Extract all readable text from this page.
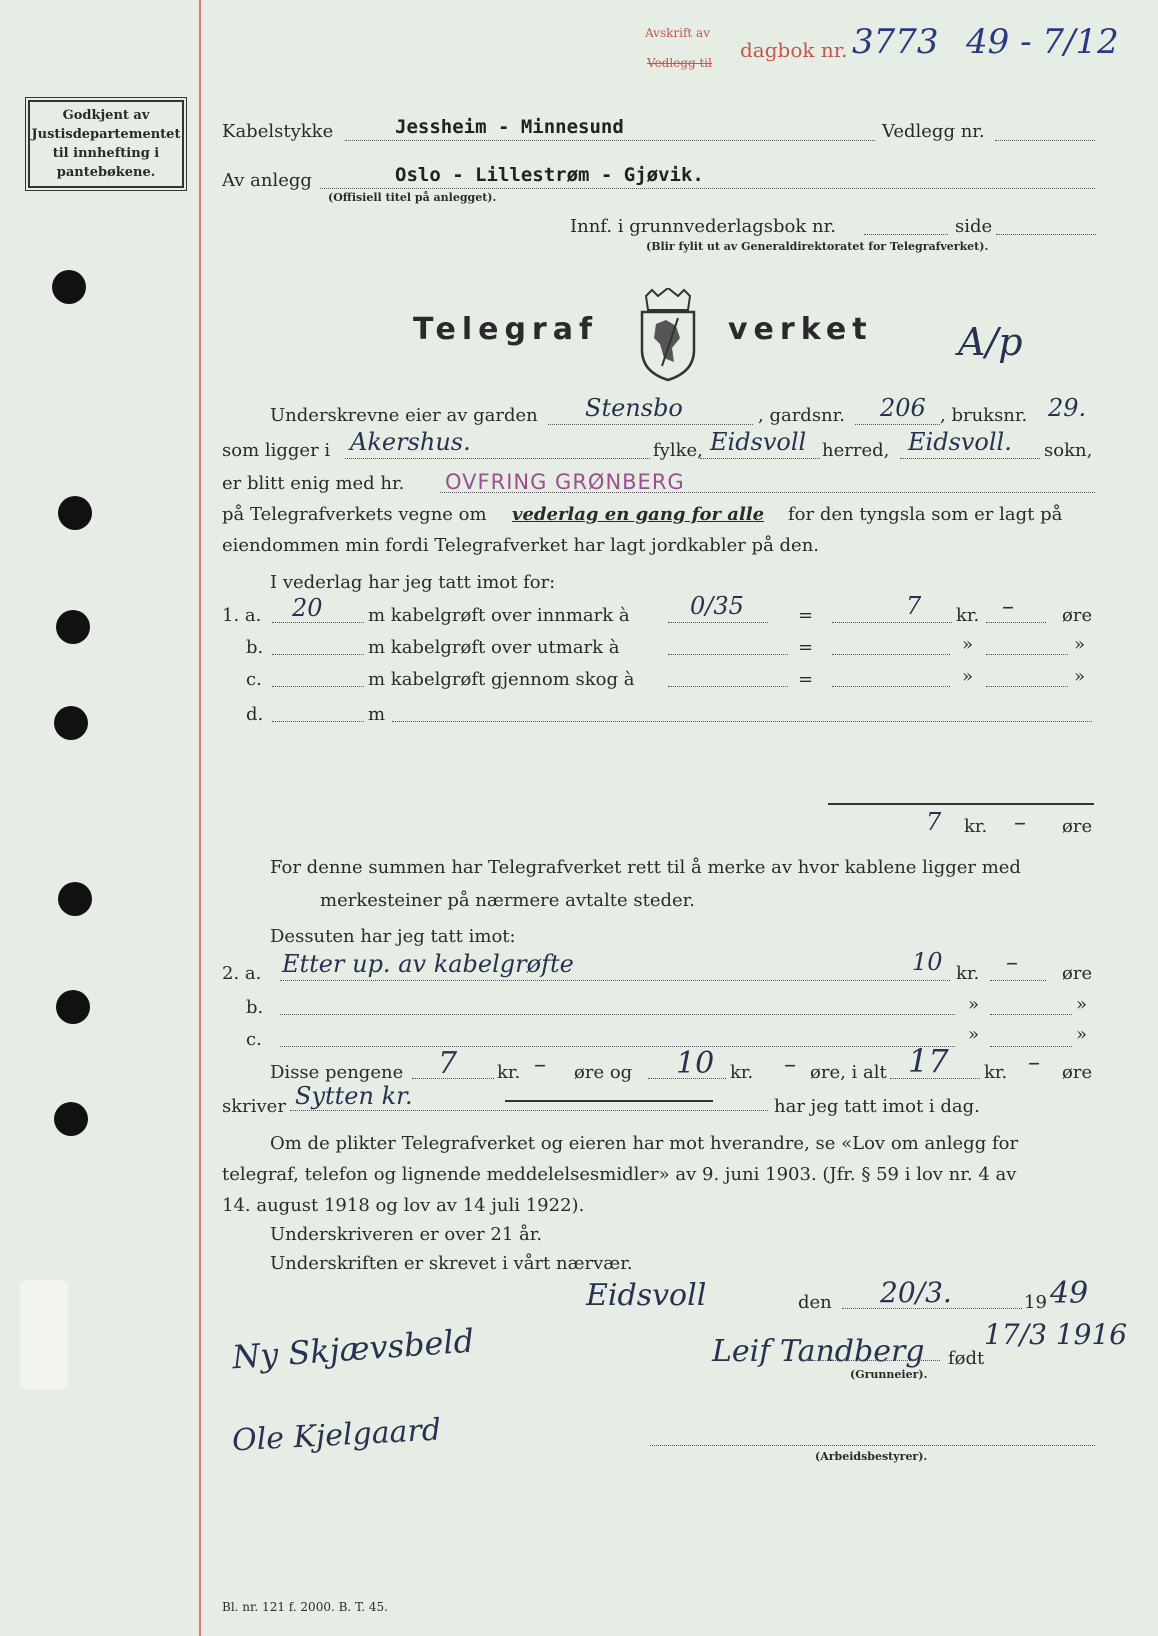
Godkjent av
Justisdepartementet
til innhefting i
pantebøkene.
Avskrift av
Vedlegg til
dagbok nr. 3773 49 - 7/12
Kabelstykke	Jessheim - Minnesund	Vedlegg nr.
Av anlegg	Oslo - Lillestrøm - Gjøvik.
(Offisiell titel på anlegget).
Innf. i grunnvederlagsbok nr.	side
(Blir fylit ut av Generaldirektoratet for Telegrafverket).
Telegraf	verket A/p
Underskrevne eier av garden Stensbo	, gardsnr. 206 , bruksnr. 29.
som ligger i Akershus.	fylke, Eidsvoll herred, Eidsvoll. sokn,
er blitt enig med hr. OVFRING GRØNBERG
på Telegrafverkets vegne om vederlag en gang for alle for den tyngsla som er lagt på
eiendommen min fordi Telegrafverket har lagt jordkabler på den.
I vederlag har jeg tatt imot for:
1. a. 20	m kabelgrøft over innmark à	0/35	=	7 kr. –	øre
b.	m kabelgrøft over utmark à	=	»	»
c.	m kabelgrøft gjennom skog à	=	»	»
d.	m
7 kr. – øre
For denne summen har Telegrafverket rett til å merke av hvor kablene ligger med
merkesteiner på nærmere avtalte steder.
Dessuten har jeg tatt imot:
2. a. Etter up. av kabelgrøfte	10 kr. – øre
b.	»	»
c.	»	»
Disse pengene 7 kr. – øre og 10 kr. – øre, i alt 17 kr. – øre
skriver Sytten kr.	har jeg tatt imot i dag.
Om de plikter Telegrafverket og eieren har mot hverandre, se «Lov om anlegg for
telegraf, telefon og lignende meddelelsesmidler» av 9. juni 1903. (Jfr. § 59 i lov nr. 4 av
14. august 1918 og lov av 14 juli 1922).
Underskriveren er over 21 år.
Underskriften er skrevet i vårt nærvær.
Eidsvoll	den 20/3.	19 49
Ny Skjævsbeld	Leif Tandberg 17/3 1916
født
(Grunneier).
Ole Kjelgaard	(Arbeidsbestyrer).
Bl. nr. 121 f. 2000. B. T. 45.
